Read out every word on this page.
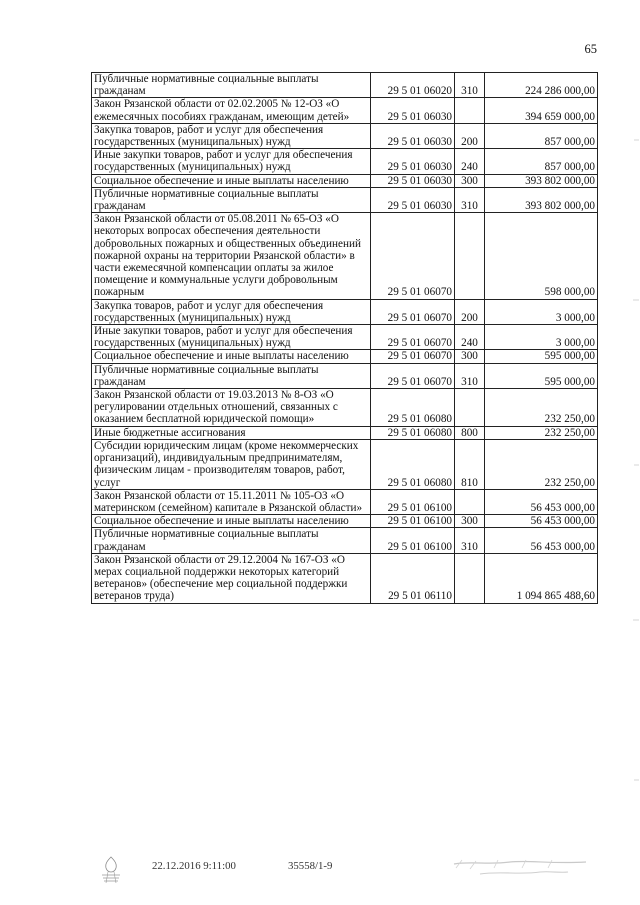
65
Публичные нормативные социальные выплаты гражданам	29 5 01 06020	310	224 286 000,00
Закон Рязанской области от 02.02.2005 № 12-ОЗ «О ежемесячных пособиях гражданам, имеющим детей»	29 5 01 06030		394 659 000,00
Закупка товаров, работ и услуг для обеспечения государственных (муниципальных) нужд	29 5 01 06030	200	857 000,00
Иные закупки товаров, работ и услуг для обеспечения государственных (муниципальных) нужд	29 5 01 06030	240	857 000,00
Социальное обеспечение и иные выплаты населению	29 5 01 06030	300	393 802 000,00
Публичные нормативные социальные выплаты гражданам	29 5 01 06030	310	393 802 000,00
Закон Рязанской области от 05.08.2011 № 65-ОЗ «О некоторых вопросах обеспечения деятельности добровольных пожарных и общественных объединений пожарной охраны на территории Рязанской области» в части ежемесячной компенсации оплаты за жилое помещение и коммунальные услуги добровольным пожарным	29 5 01 06070		598 000,00
Закупка товаров, работ и услуг для обеспечения государственных (муниципальных) нужд	29 5 01 06070	200	3 000,00
Иные закупки товаров, работ и услуг для обеспечения государственных (муниципальных) нужд	29 5 01 06070	240	3 000,00
Социальное обеспечение и иные выплаты населению	29 5 01 06070	300	595 000,00
Публичные нормативные социальные выплаты гражданам	29 5 01 06070	310	595 000,00
Закон Рязанской области от 19.03.2013 № 8-ОЗ «О регулировании отдельных отношений, связанных с оказанием бесплатной юридической помощи»	29 5 01 06080		232 250,00
Иные бюджетные ассигнования	29 5 01 06080	800	232 250,00
Субсидии юридическим лицам (кроме некоммерческих организаций), индивидуальным предпринимателям, физическим лицам - производителям товаров, работ, услуг	29 5 01 06080	810	232 250,00
Закон Рязанской области от 15.11.2011 № 105-ОЗ «О материнском (семейном) капитале в Рязанской области»	29 5 01 06100		56 453 000,00
Социальное обеспечение и иные выплаты населению	29 5 01 06100	300	56 453 000,00
Публичные нормативные социальные выплаты гражданам	29 5 01 06100	310	56 453 000,00
Закон Рязанской области от 29.12.2004 № 167-ОЗ «О мерах социальной поддержки некоторых категорий ветеранов» (обеспечение мер социальной поддержки ветеранов труда)	29 5 01 06110		1 094 865 488,60
22.12.2016 9:11:00	35558/1-9
